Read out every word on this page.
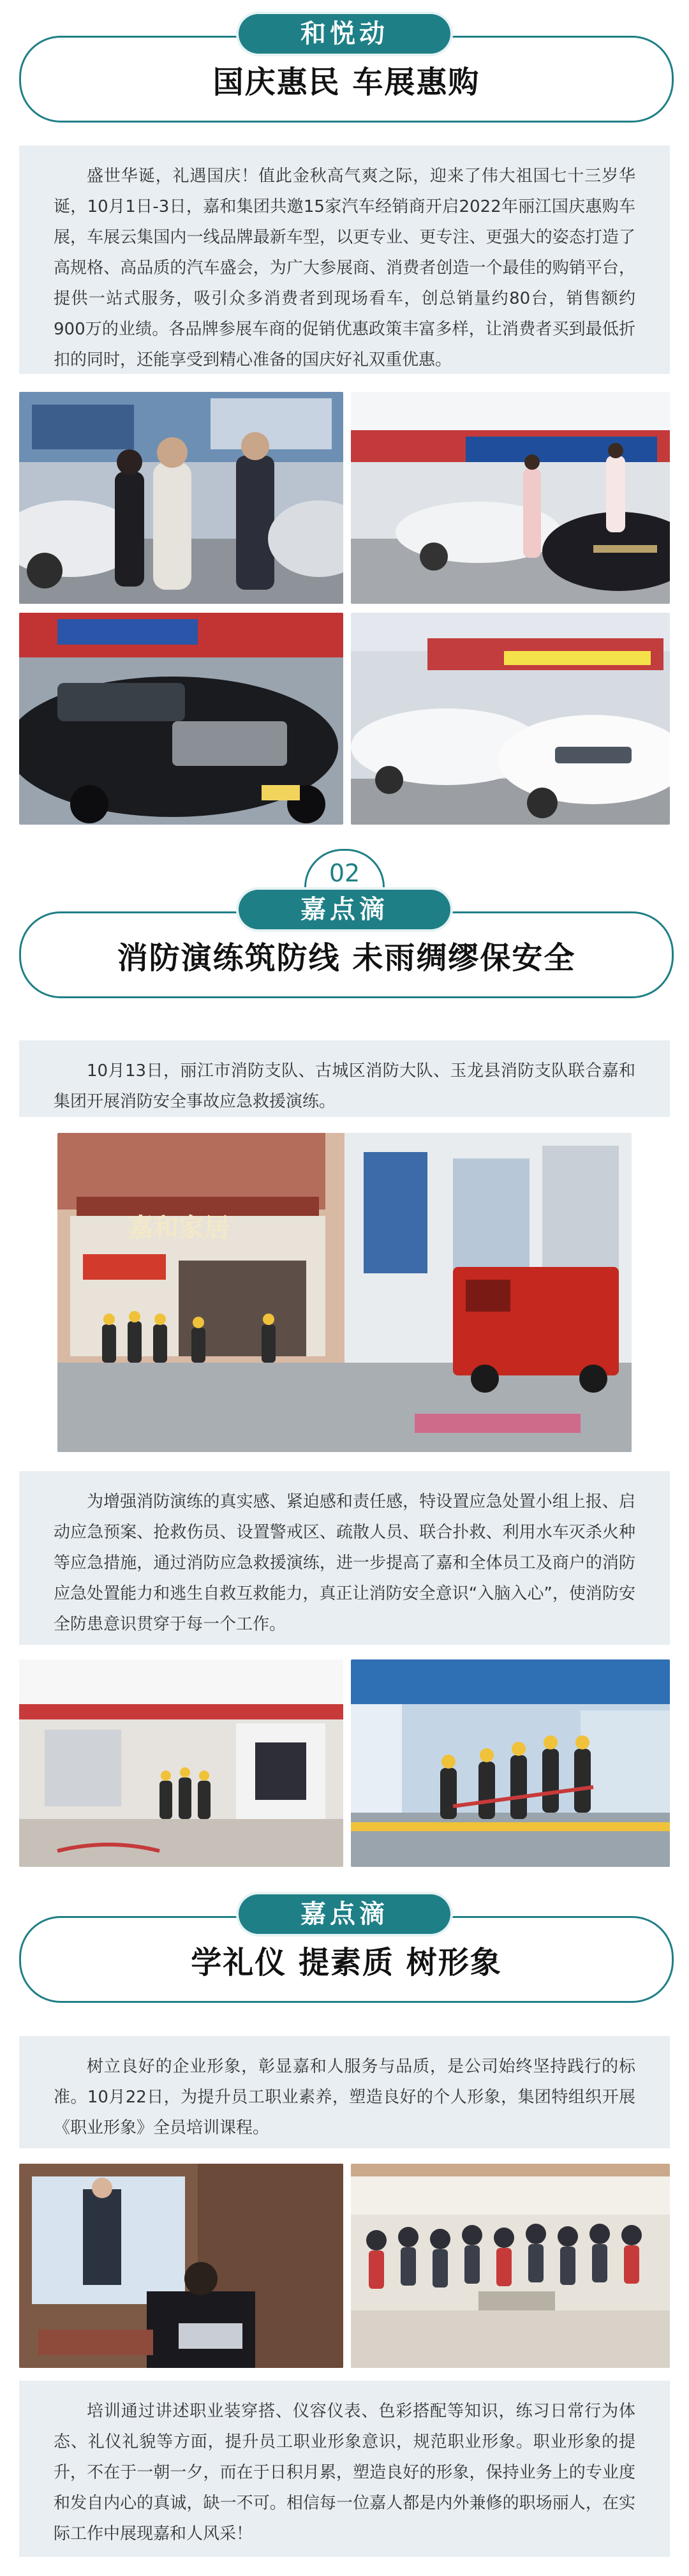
和悦动
国庆惠民 车展惠购
盛世华诞，礼遇国庆！值此金秋高气爽之际，迎来了伟大祖国七十三岁华诞，10月1日-3日，嘉和集团共邀15家汽车经销商开启2022年丽江国庆惠购车展，车展云集国内一线品牌最新车型，以更专业、更专注、更强大的姿态打造了高规格、高品质的汽车盛会，为广大参展商、消费者创造一个最佳的购销平台，提供一站式服务，吸引众多消费者到现场看车，创总销量约80台，销售额约900万的业绩。各品牌参展车商的促销优惠政策丰富多样，让消费者买到最低折扣的同时，还能享受到精心准备的国庆好礼双重优惠。
02
嘉点滴
消防演练筑防线 未雨绸缪保安全
10月13日，丽江市消防支队、古城区消防大队、玉龙县消防支队联合嘉和集团开展消防安全事故应急救援演练。
嘉和家居
为增强消防演练的真实感、紧迫感和责任感，特设置应急处置小组上报、启动应急预案、抢救伤员、设置警戒区、疏散人员、联合扑救、利用水车灭杀火种等应急措施，通过消防应急救援演练，进一步提高了嘉和全体员工及商户的消防应急处置能力和逃生自救互救能力，真正让消防安全意识“入脑入心”，使消防安全防患意识贯穿于每一个工作。
嘉点滴
学礼仪 提素质 树形象
树立良好的企业形象，彰显嘉和人服务与品质，是公司始终坚持践行的标准。10月22日，为提升员工职业素养，塑造良好的个人形象，集团特组织开展《职业形象》全员培训课程。
培训通过讲述职业装穿搭、仪容仪表、色彩搭配等知识，练习日常行为体态、礼仪礼貌等方面，提升员工职业形象意识，规范职业形象。职业形象的提升，不在于一朝一夕，而在于日积月累，塑造良好的形象，保持业务上的专业度和发自内心的真诚，缺一不可。相信每一位嘉人都是内外兼修的职场丽人，在实际工作中展现嘉和人风采！
